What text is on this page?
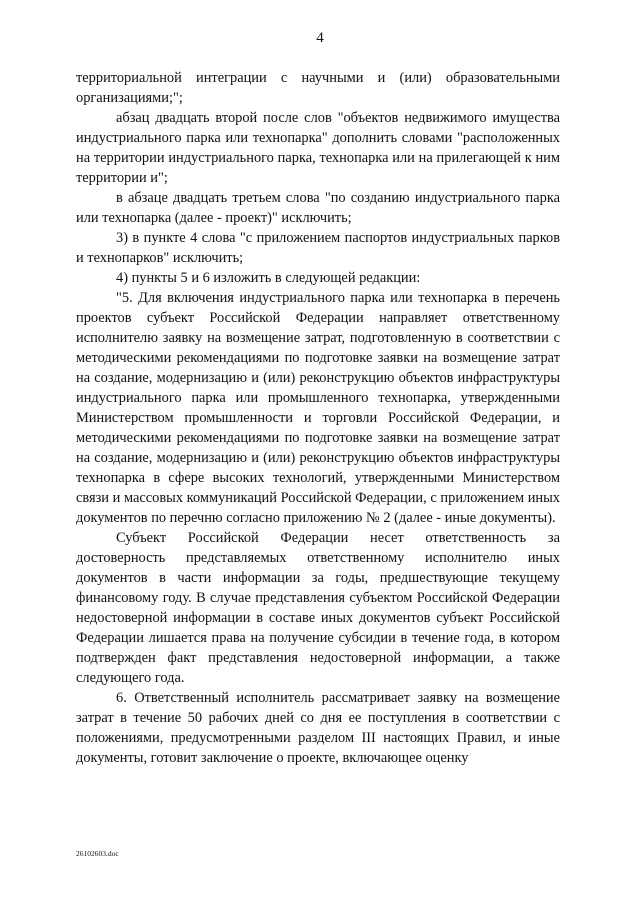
4

территориальной интеграции с научными и (или) образовательными организациями;";

абзац двадцать второй после слов "объектов недвижимого имущества индустриального парка или технопарка" дополнить словами "расположенных на территории индустриального парка, технопарка или на прилегающей к ним территории и";

в абзаце двадцать третьем слова "по созданию индустриального парка или технопарка (далее - проект)" исключить;

3) в пункте 4 слова "с приложением паспортов индустриальных парков и технопарков" исключить;

4) пункты 5 и 6 изложить в следующей редакции:

"5. Для включения индустриального парка или технопарка в перечень проектов субъект Российской Федерации направляет ответственному исполнителю заявку на возмещение затрат, подготовленную в соответствии с методическими рекомендациями по подготовке заявки на возмещение затрат на создание, модернизацию и (или) реконструкцию объектов инфраструктуры индустриального парка или промышленного технопарка, утвержденными Министерством промышленности и торговли Российской Федерации, и методическими рекомендациями по подготовке заявки на возмещение затрат на создание, модернизацию и (или) реконструкцию объектов инфраструктуры технопарка в сфере высоких технологий, утвержденными Министерством связи и массовых коммуникаций Российской Федерации, с приложением иных документов по перечню согласно приложению № 2 (далее - иные документы).

Субъект Российской Федерации несет ответственность за достоверность представляемых ответственному исполнителю иных документов в части информации за годы, предшествующие текущему финансовому году. В случае представления субъектом Российской Федерации недостоверной информации в составе иных документов субъект Российской Федерации лишается права на получение субсидии в течение года, в котором подтвержден факт представления недостоверной информации, а также следующего года.

6. Ответственный исполнитель рассматривает заявку на возмещение затрат в течение 50 рабочих дней со дня ее поступления в соответствии с положениями, предусмотренными разделом III настоящих Правил, и иные документы, готовит заключение о проекте, включающее оценку

26102603.doc
